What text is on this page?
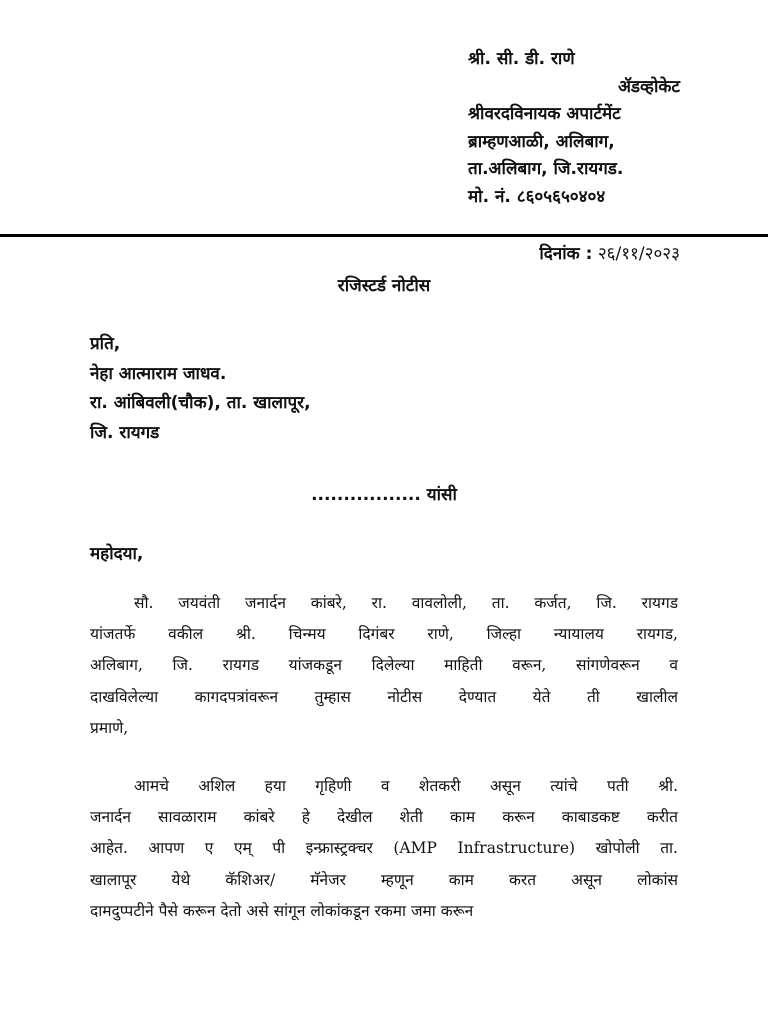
श्री. सी. डी. राणे
ॲडव्होकेट
श्रीवरदविनायक अपार्टमेंट
ब्राम्हणआळी, अलिबाग,
ता.अलिबाग, जि.रायगड.
मो. नं. ८६०५६५०४०४
दिनांक : २६/११/२०२३
रजिस्टर्ड नोटीस
प्रति,
नेहा आत्माराम जाधव.
रा. आंबिवली(चौक), ता. खालापूर,
जि. रायगड
................. यांसी
महोदया,
सौ. जयवंती जनार्दन कांबरे, रा. वावलोली, ता. कर्जत, जि. रायगड
यांजतर्फे वकील श्री. चिन्मय दिगंबर राणे, जिल्हा न्यायालय रायगड,
अलिबाग, जि. रायगड यांजकडून दिलेल्या माहिती वरून, सांगणेवरून व
दाखविलेल्या कागदपत्रांवरून तुम्हास नोटीस देण्यात येते ती खालील
प्रमाणे,
आमचे अशिल हया गृहिणी व शेतकरी असून त्यांचे पती श्री.
जनार्दन सावळाराम कांबरे हे देखील शेती काम करून काबाडकष्ट करीत
आहेत. आपण ए एम् पी इन्फ्रास्ट्रक्चर (AMP Infrastructure) खोपोली ता.
खालापूर येथे कॅशिअर/ मॅनेजर म्हणून काम करत असून लोकांस
दामदुप्पटीने पैसे करून देतो असे सांगून लोकांकडून रकमा जमा करून
